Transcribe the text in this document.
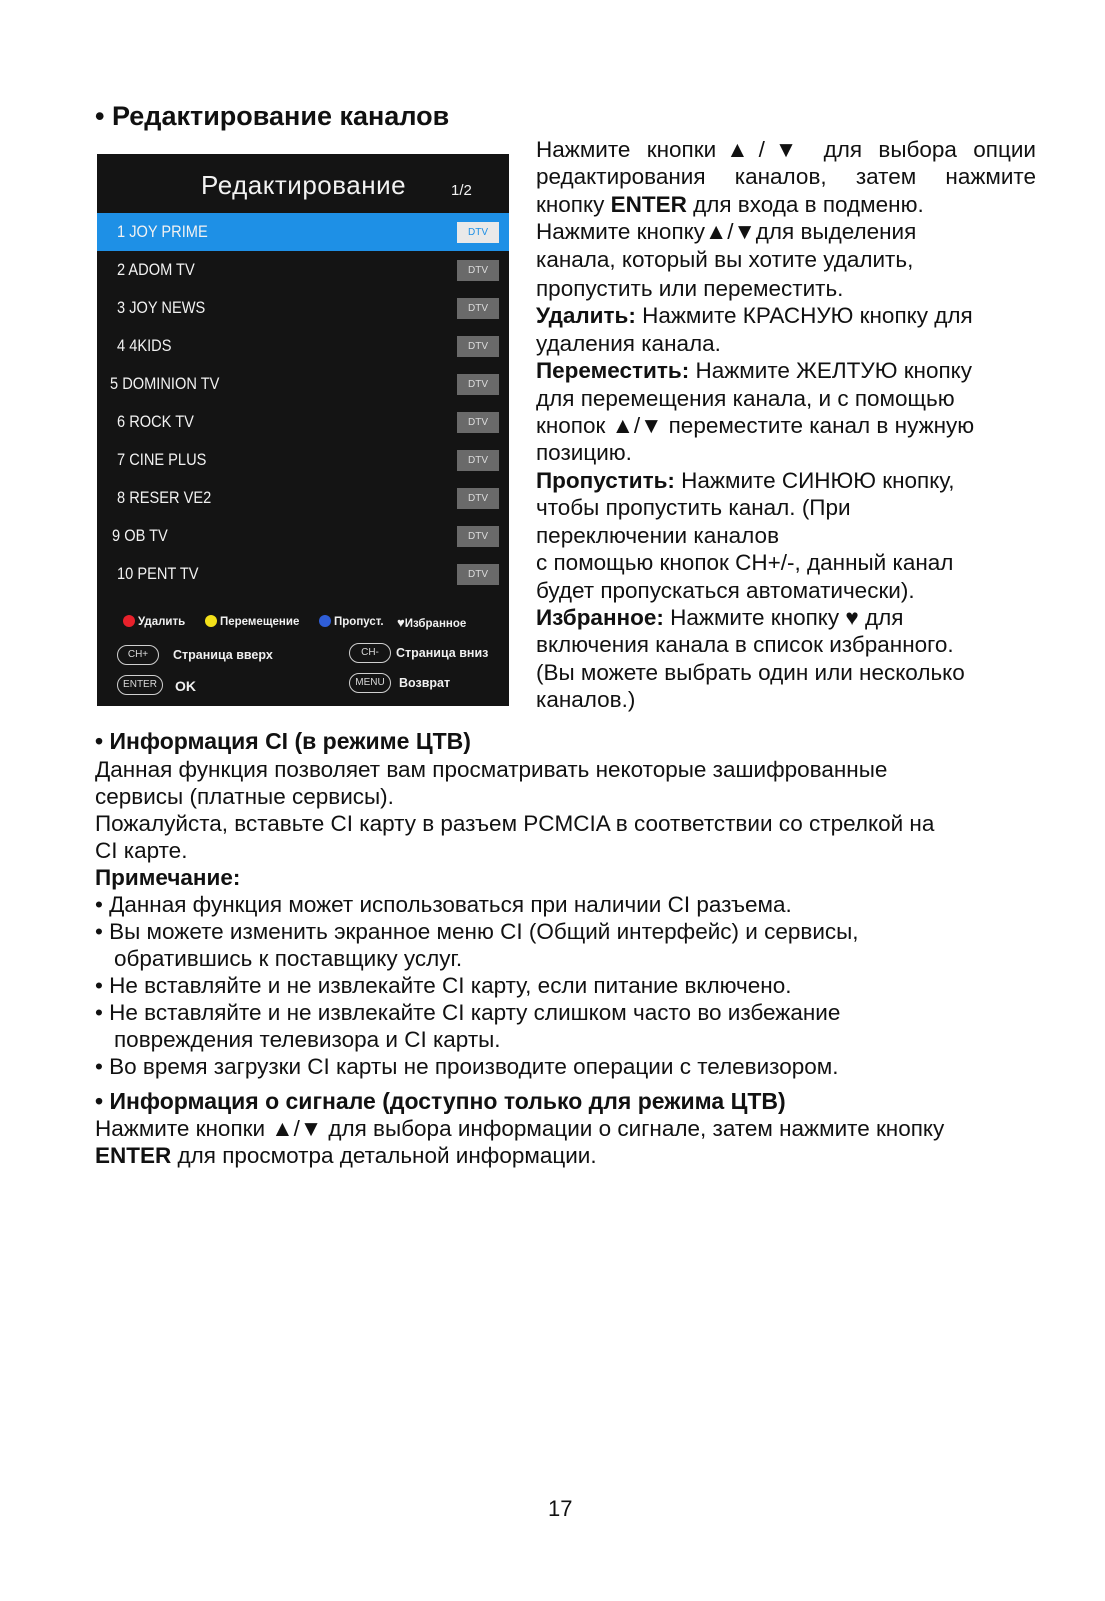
• Редактирование каналов
Редактирование	1/2
1 JOY PRIME	DTV
2 ADOM TV	DTV
3 JOY NEWS	DTV
4 4KIDS	DTV
5 DOMINION TV	DTV
6 ROCK TV	DTV
7 CINE PLUS	DTV
8 RESER VE2	DTV
9 OB TV	DTV
10 PENT TV	DTV
Удалить	Перемещение	Пропуст. ♥Избранное
CH+	Страница вверх	CH-	Страница вниз
ENTER	OK	MENU	Возврат

Нажмите кнопки▲/▼ для выбора опции

редактирования каналов, затем нажмите

кнопку ENTER для входа в подменю.

Нажмите кнопку▲/▼для выделения

канала, который вы хотите удалить,

пропустить или переместить.

Удалить: Нажмите КРАСНУЮ кнопку для

удаления канала.

Переместить: Нажмите ЖЕЛТУЮ кнопку

для перемещения канала, и с помощью

кнопок ▲/▼ переместите канал в нужную

позицию.

Пропустить: Нажмите СИНЮЮ кнопку,

чтобы пропустить канал. (При

переключении каналов

с помощью кнопок CH+/-, данный канал

будет пропускаться автоматически).

Избранное: Нажмите кнопку ♥ для

включения канала в список избранного.

(Вы можете выбрать один или несколько

каналов.)

• Информация CI (в режиме ЦТВ)
Данная функция позволяет вам просматривать некоторые зашифрованные
сервисы (платные сервисы).
Пожалуйста, вставьте CI карту в разъем PCMCIA в соответствии со стрелкой на
CI карте.
Примечание:
• Данная функция может использоваться при наличии CI разъема.
• Вы можете изменить экранное меню CI (Общий интерфейс) и сервисы,
обратившись к поставщику услуг.
• Не вставляйте и не извлекайте CI карту, если питание включено.
• Не вставляйте и не извлекайте CI карту слишком часто во избежание
повреждения телевизора и CI карты.
• Во время загрузки CI карты не производите операции с телевизором.
• Информация о сигнале (доступно только для режима ЦТВ)
Нажмите кнопки ▲/▼ для выбора информации о сигнале, затем нажмите кнопку
ENTER для просмотра детальной информации.
17
